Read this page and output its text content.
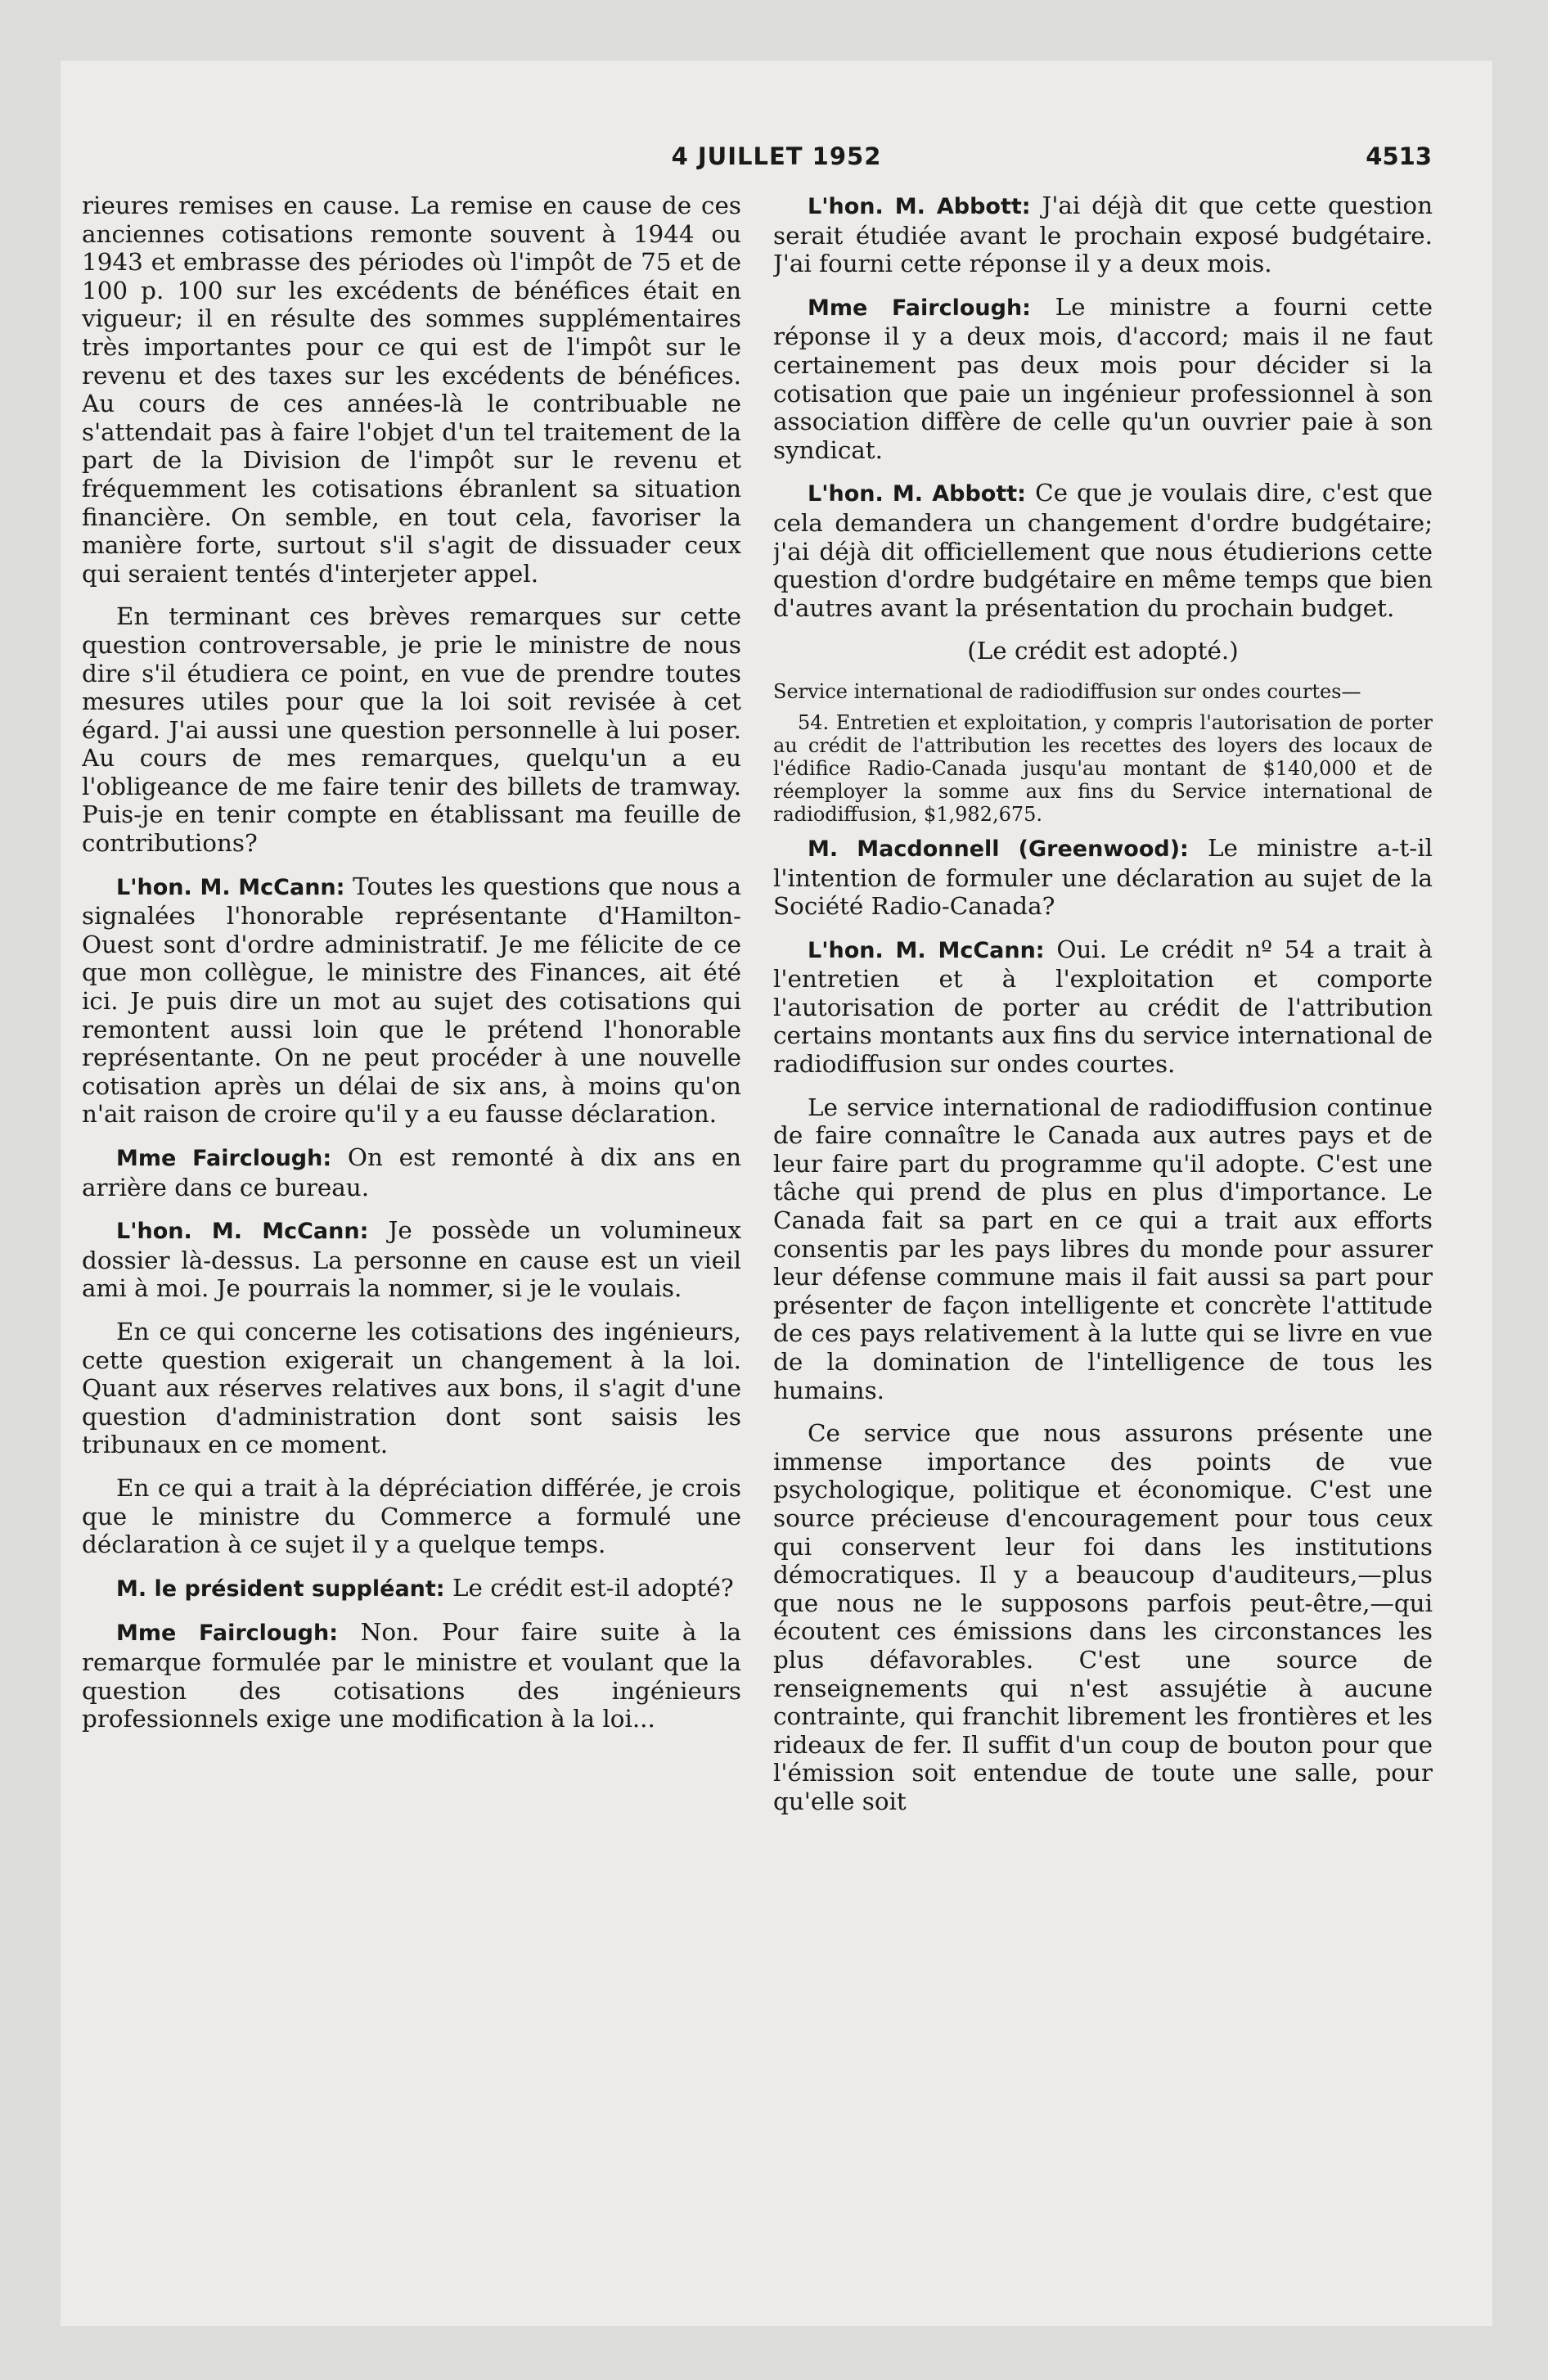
4 JUILLET 1952	4513

rieures remises en cause. La remise en cause de ces anciennes cotisations remonte souvent à 1944 ou 1943 et embrasse des périodes où l'impôt de 75 et de 100 p. 100 sur les excédents de bénéfices était en vigueur; il en résulte des sommes supplémentaires très importantes pour ce qui est de l'impôt sur le revenu et des taxes sur les excédents de bénéfices. Au cours de ces années-là le contribuable ne s'attendait pas à faire l'objet d'un tel traitement de la part de la Division de l'impôt sur le revenu et fréquemment les cotisations ébranlent sa situation financière. On semble, en tout cela, favoriser la manière forte, surtout s'il s'agit de dissuader ceux qui seraient tentés d'interjeter appel.

En terminant ces brèves remarques sur cette question controversable, je prie le ministre de nous dire s'il étudiera ce point, en vue de prendre toutes mesures utiles pour que la loi soit revisée à cet égard. J'ai aussi une question personnelle à lui poser. Au cours de mes remarques, quelqu'un a eu l'obligeance de me faire tenir des billets de tramway. Puis-je en tenir compte en établissant ma feuille de contributions?

L'hon. M. McCann: Toutes les questions que nous a signalées l'honorable représentante d'Hamilton-Ouest sont d'ordre administratif. Je me félicite de ce que mon collègue, le ministre des Finances, ait été ici. Je puis dire un mot au sujet des cotisations qui remontent aussi loin que le prétend l'honorable représentante. On ne peut procéder à une nouvelle cotisation après un délai de six ans, à moins qu'on n'ait raison de croire qu'il y a eu fausse déclaration.

Mme Fairclough: On est remonté à dix ans en arrière dans ce bureau.

L'hon. M. McCann: Je possède un volumineux dossier là-dessus. La personne en cause est un vieil ami à moi. Je pourrais la nommer, si je le voulais.

En ce qui concerne les cotisations des ingénieurs, cette question exigerait un changement à la loi. Quant aux réserves relatives aux bons, il s'agit d'une question d'administration dont sont saisis les tribunaux en ce moment.

En ce qui a trait à la dépréciation différée, je crois que le ministre du Commerce a formulé une déclaration à ce sujet il y a quelque temps.

M. le président suppléant: Le crédit est-il adopté?

Mme Fairclough: Non. Pour faire suite à la remarque formulée par le ministre et voulant que la question des cotisations des ingénieurs professionnels exige une modification à la loi...

L'hon. M. Abbott: J'ai déjà dit que cette question serait étudiée avant le prochain exposé budgétaire. J'ai fourni cette réponse il y a deux mois.

Mme Fairclough: Le ministre a fourni cette réponse il y a deux mois, d'accord; mais il ne faut certainement pas deux mois pour décider si la cotisation que paie un ingénieur professionnel à son association diffère de celle qu'un ouvrier paie à son syndicat.

L'hon. M. Abbott: Ce que je voulais dire, c'est que cela demandera un changement d'ordre budgétaire; j'ai déjà dit officiellement que nous étudierions cette question d'ordre budgétaire en même temps que bien d'autres avant la présentation du prochain budget.

(Le crédit est adopté.)

Service international de radiodiffusion sur ondes courtes—

54. Entretien et exploitation, y compris l'autorisation de porter au crédit de l'attribution les recettes des loyers des locaux de l'édifice Radio-Canada jusqu'au montant de $140,000 et de réemployer la somme aux fins du Service international de radiodiffusion, $1,982,675.

M. Macdonnell (Greenwood): Le ministre a-t-il l'intention de formuler une déclaration au sujet de la Société Radio-Canada?

L'hon. M. McCann: Oui. Le crédit nº 54 a trait à l'entretien et à l'exploitation et comporte l'autorisation de porter au crédit de l'attribution certains montants aux fins du service international de radiodiffusion sur ondes courtes.

Le service international de radiodiffusion continue de faire connaître le Canada aux autres pays et de leur faire part du programme qu'il adopte. C'est une tâche qui prend de plus en plus d'importance. Le Canada fait sa part en ce qui a trait aux efforts consentis par les pays libres du monde pour assurer leur défense commune mais il fait aussi sa part pour présenter de façon intelligente et concrète l'attitude de ces pays relativement à la lutte qui se livre en vue de la domination de l'intelligence de tous les humains.

Ce service que nous assurons présente une immense importance des points de vue psychologique, politique et économique. C'est une source précieuse d'encouragement pour tous ceux qui conservent leur foi dans les institutions démocratiques. Il y a beaucoup d'auditeurs,—plus que nous ne le supposons parfois peut-être,—qui écoutent ces émissions dans les circonstances les plus défavorables. C'est une source de renseignements qui n'est assujétie à aucune contrainte, qui franchit librement les frontières et les rideaux de fer. Il suffit d'un coup de bouton pour que l'émission soit entendue de toute une salle, pour qu'elle soit
